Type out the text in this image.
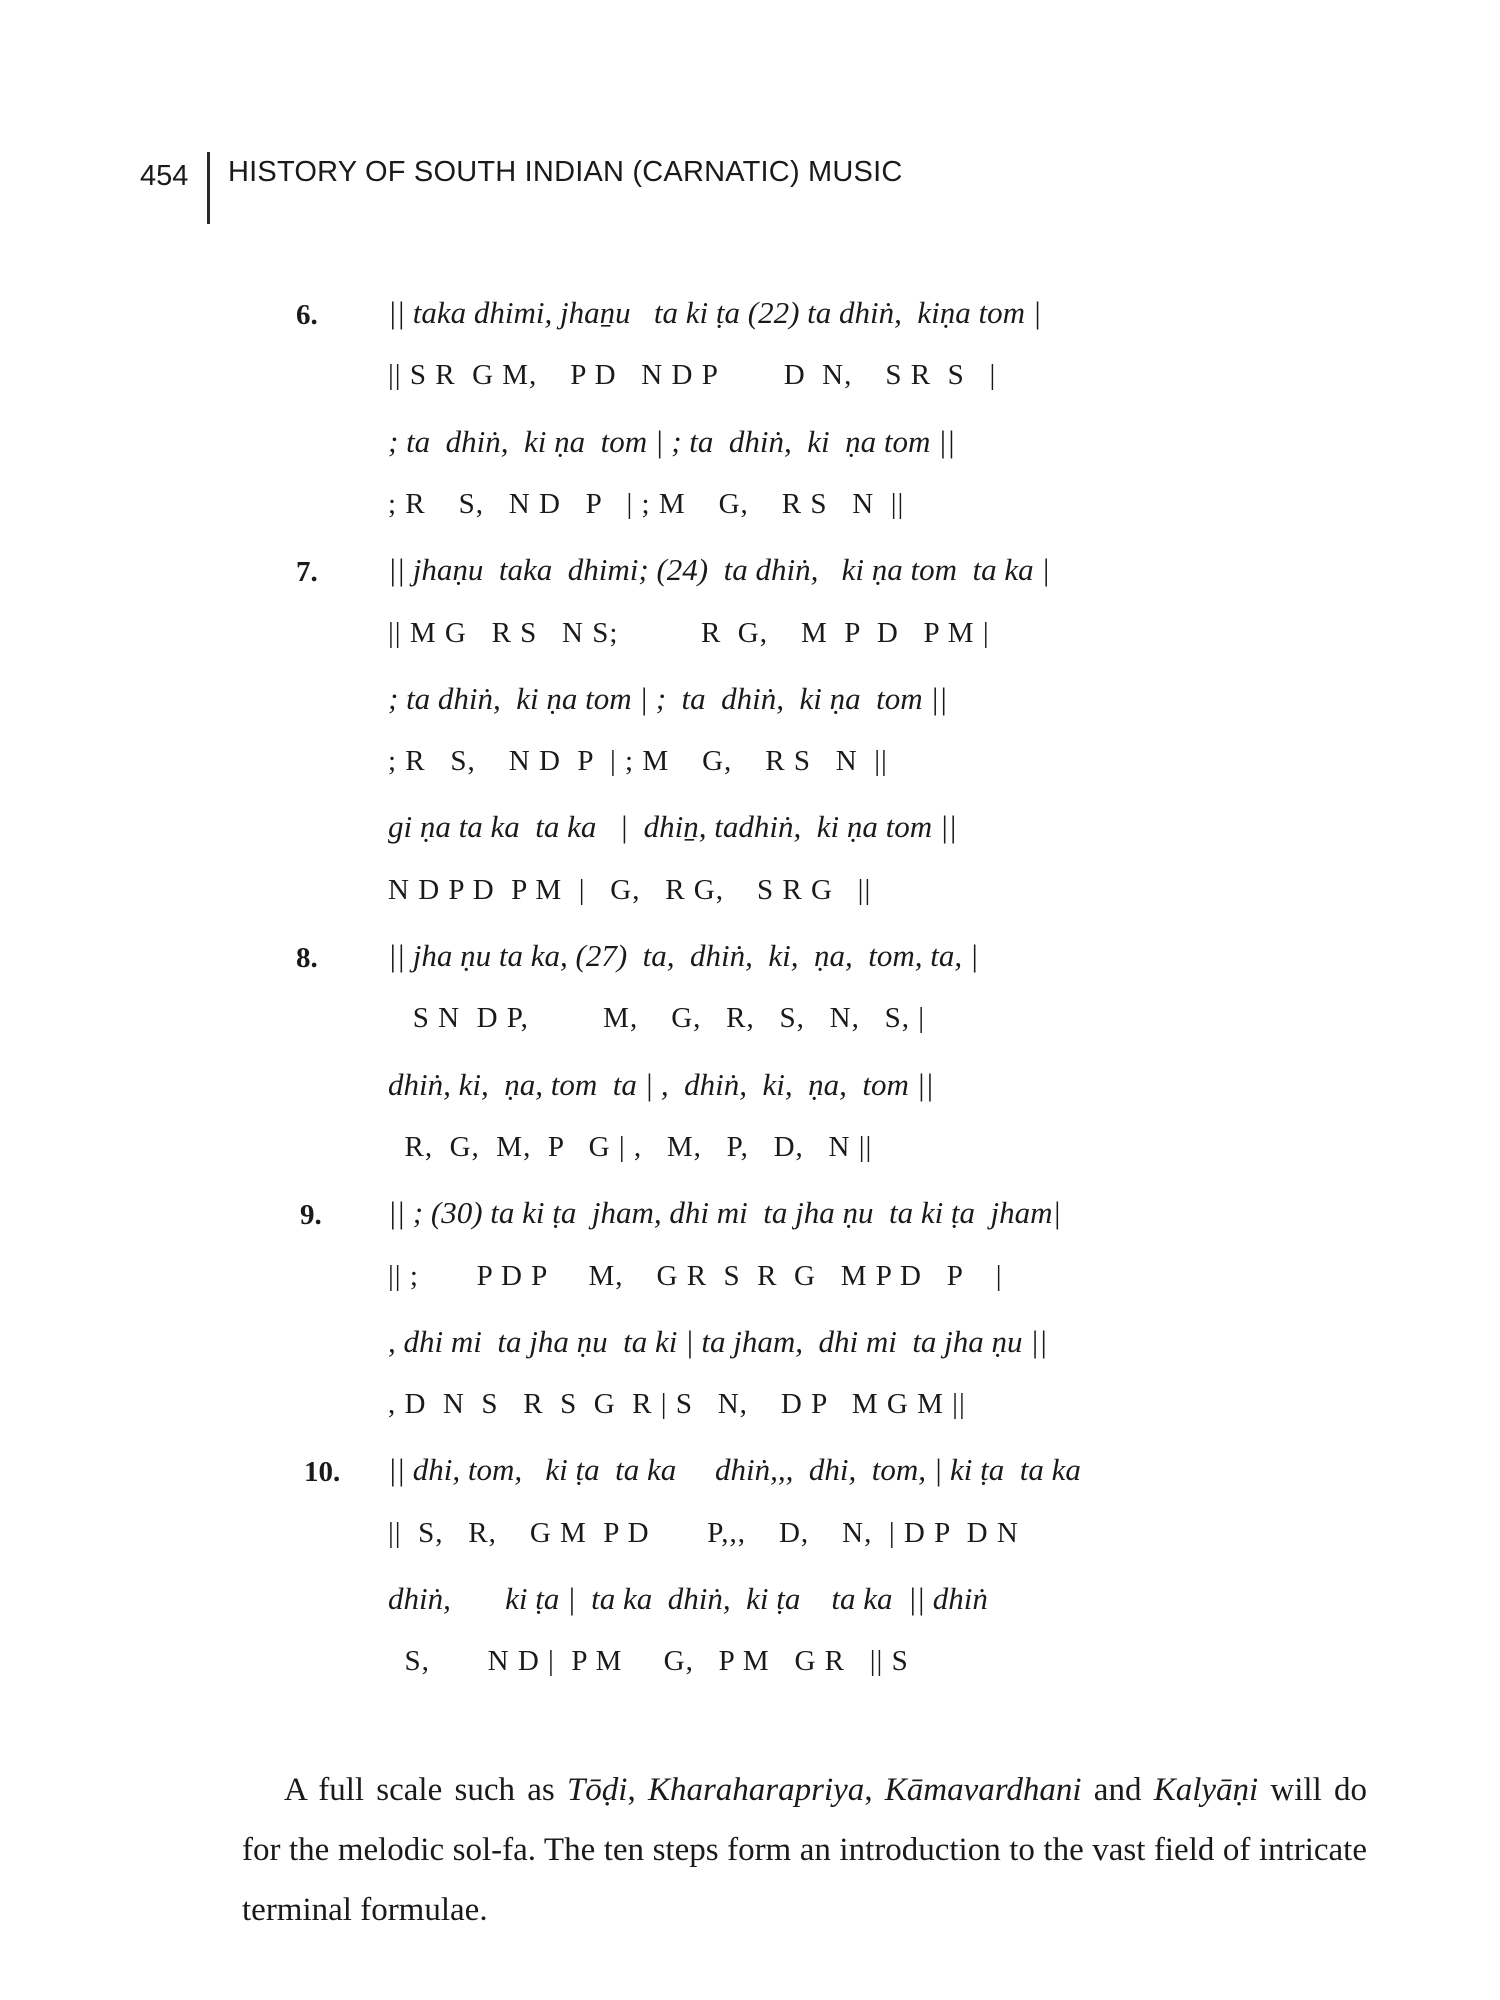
454 HISTORY OF SOUTH INDIAN (CARNATIC) MUSIC
6. || taka dhimi, jhaṉu   ta ki ṭa (22) ta dhiṅ,  kiṇa tom |
|| S R  G M,    P D   N D P        D  N,    S R  S   |
; ta  dhiṅ,  ki ṇa  tom | ; ta  dhiṅ,  ki  ṇa tom ||
; R    S,   N D   P   | ; M    G,    R S   N  ||
7. || jhaṇu  taka  dhimi; (24)  ta dhiṅ,   ki ṇa tom  ta ka |
|| M G   R S   N S;          R  G,    M  P  D   P M |
; ta dhiṅ,  ki ṇa tom | ;  ta  dhiṅ,  ki ṇa  tom ||
; R   S,    N D  P  | ; M    G,    R S   N  ||
gi ṇa ta ka  ta ka   |  dhiṉ, tadhiṅ,  ki ṇa tom ||
N D P D  P M  |   G,   R G,    S R G   ||
8. || jha ṇu ta ka, (27)  ta,  dhiṅ,  ki,  ṇa,  tom, ta, |
S N  D P,         M,    G,   R,   S,   N,   S, |
dhiṅ, ki,  ṇa, tom  ta | ,  dhiṅ,  ki,  ṇa,  tom ||
R,  G,  M,  P   G | ,   M,   P,   D,   N ||
9. || ; (30) ta ki ṭa  jham, dhi mi  ta jha ṇu  ta ki ṭa  jham|
|| ;       P D P     M,    G R  S  R  G   M P D   P    |
, dhi mi  ta jha ṇu  ta ki | ta jham,  dhi mi  ta jha ṇu ||
, D  N  S   R  S  G  R | S   N,    D P   M G M ||
10. || dhi, tom,   ki ṭa  ta ka     dhiṅ,,,  dhi,  tom, | ki ṭa  ta ka
||  S,   R,    G M  P D       P,,,    D,    N,  | D P  D N
dhiṅ,       ki ṭa |  ta ka  dhiṅ,  ki ṭa    ta ka  || dhiṅ
S,       N D |  P M     G,   P M   G R   || S

A full scale such as Tōḍi, Kharaharapriya, Kāmavardhani and Kalyāṇi will do for the melodic sol-fa. The ten steps form an introduction to the vast field of intricate terminal formulae.
